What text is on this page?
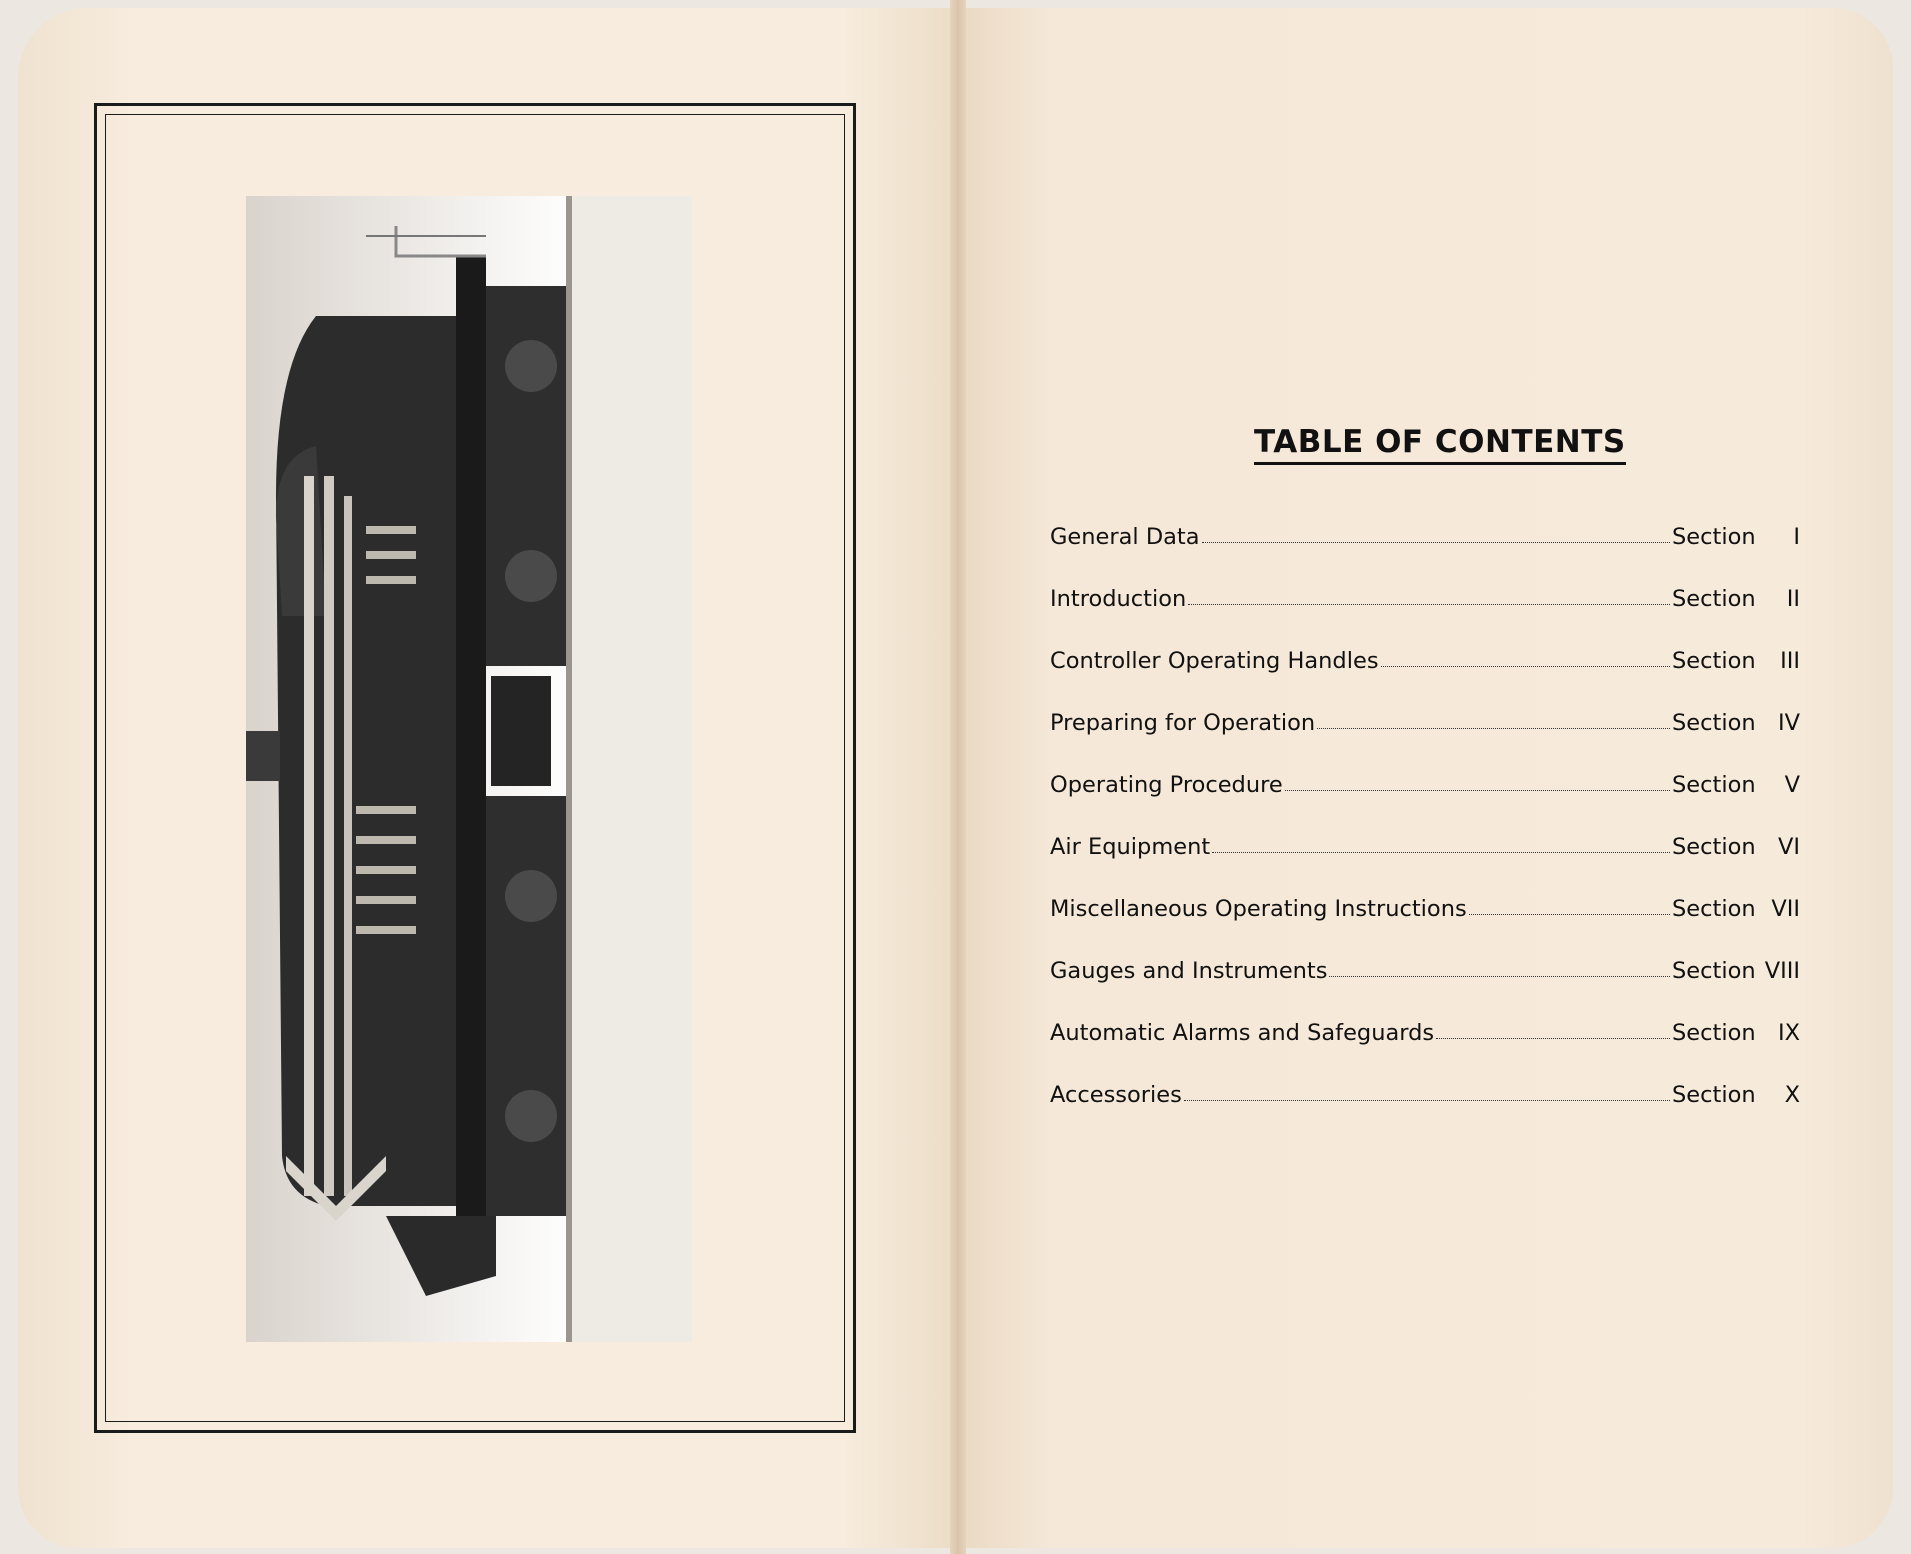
TABLE OF CONTENTS
General Data	Section	I
Introduction	Section	II
Controller Operating Handles	Section	III
Preparing for Operation	Section IV
Operating Procedure	Section	V
Air Equipment	Section VI
Miscellaneous Operating Instructions	Section VII
Gauges and Instruments	Section VIII
Automatic Alarms and Safeguards	Section IX
Accessories	Section	X
